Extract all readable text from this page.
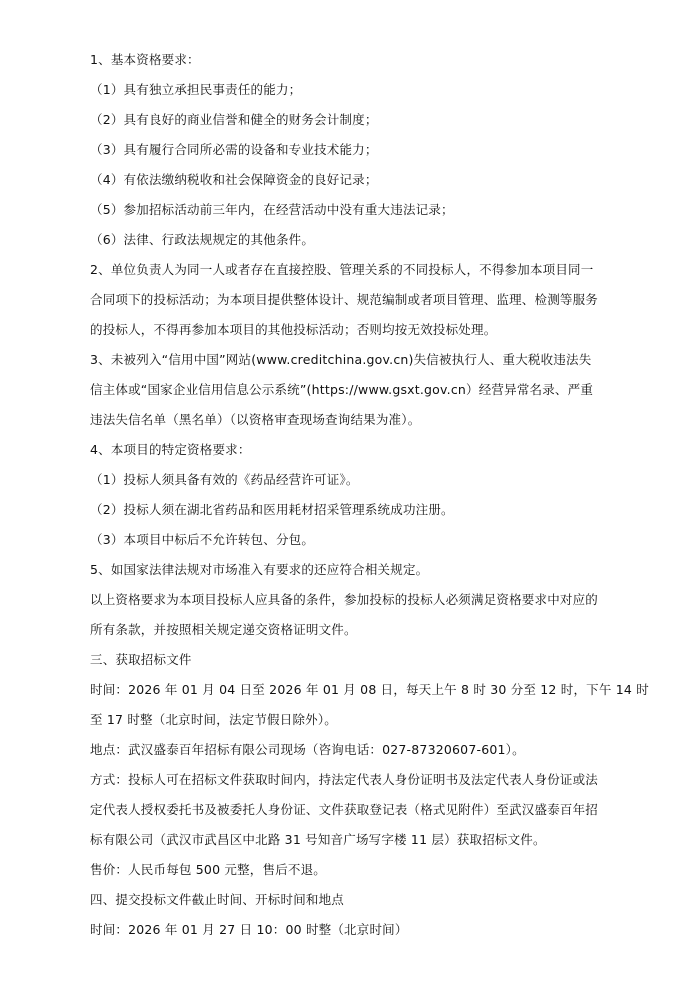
1、基本资格要求：
（1）具有独立承担民事责任的能力；
（2）具有良好的商业信誉和健全的财务会计制度；
（3）具有履行合同所必需的设备和专业技术能力；
（4）有依法缴纳税收和社会保障资金的良好记录；
（5）参加招标活动前三年内，在经营活动中没有重大违法记录；
（6）法律、行政法规规定的其他条件。
2、单位负责人为同一人或者存在直接控股、管理关系的不同投标人，不得参加本项目同一
合同项下的投标活动；为本项目提供整体设计、规范编制或者项目管理、监理、检测等服务
的投标人，不得再参加本项目的其他投标活动；否则均按无效投标处理。
3、未被列入“信用中国”网站(www.creditchina.gov.cn)失信被执行人、重大税收违法失
信主体或“国家企业信用信息公示系统”(https://www.gsxt.gov.cn）经营异常名录、严重
违法失信名单（黑名单）（以资格审查现场查询结果为准）。
4、本项目的特定资格要求：
（1）投标人须具备有效的《药品经营许可证》。
（2）投标人须在湖北省药品和医用耗材招采管理系统成功注册。
（3）本项目中标后不允许转包、分包。
5、如国家法律法规对市场准入有要求的还应符合相关规定。
以上资格要求为本项目投标人应具备的条件，参加投标的投标人必须满足资格要求中对应的
所有条款，并按照相关规定递交资格证明文件。
三、获取招标文件
时间：2026 年 01 月 04 日至 2026 年 01 月 08 日，每天上午 8 时 30 分至 12 时，下午 14 时
至 17 时整（北京时间，法定节假日除外）。
地点：武汉盛泰百年招标有限公司现场（咨询电话：027-87320607-601）。
方式：投标人可在招标文件获取时间内，持法定代表人身份证明书及法定代表人身份证或法
定代表人授权委托书及被委托人身份证、文件获取登记表（格式见附件）至武汉盛泰百年招
标有限公司（武汉市武昌区中北路 31 号知音广场写字楼 11 层）获取招标文件。
售价：人民币每包 500 元整，售后不退。
四、提交投标文件截止时间、开标时间和地点
时间：2026 年 01 月 27 日 10：00 时整（北京时间）
